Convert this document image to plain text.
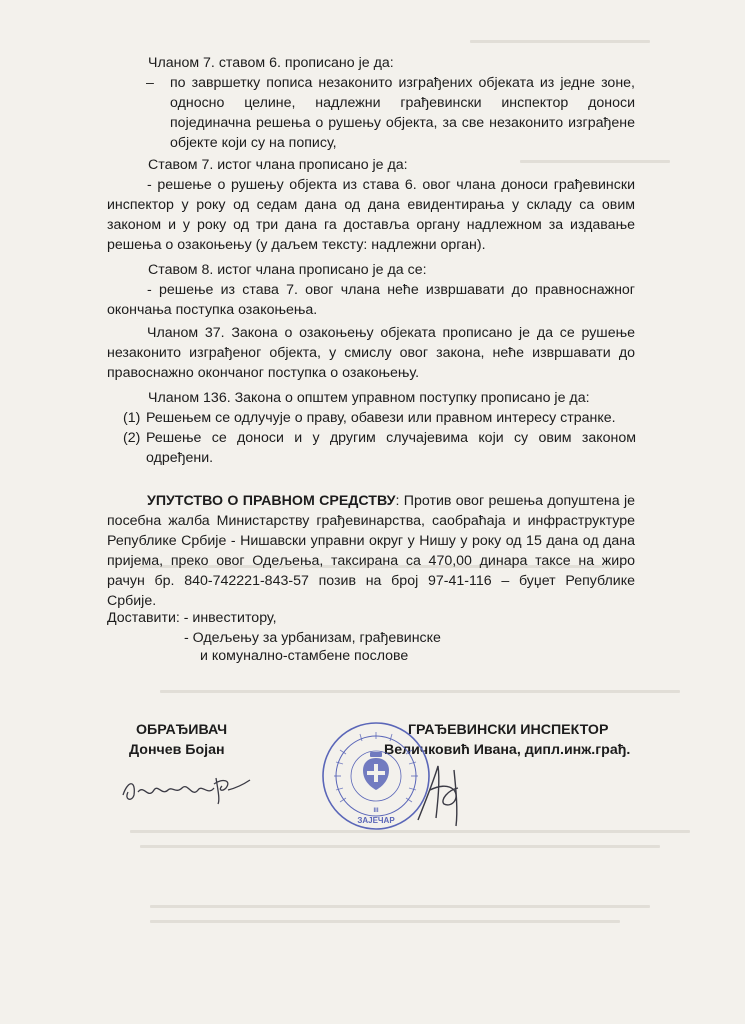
Чланом 7. ставом 6. прописано је да:
– по завршетку пописа незаконито изграђених објеката из једне зоне, односно целине, надлежни грађевински инспектор доноси појединачна решења о рушењу објекта, за све незаконито изграђене објекте који су на попису,
Ставом 7. истог члана прописано је да:
- решење о рушењу објекта из става 6. овог члана доноси грађевински инспектор у року од седам дана од дана евидентирања у складу са овим законом и у року од три дана га доставља органу надлежном за издавање решења о озакоњењу (у даљем тексту: надлежни орган).
Ставом 8. истог члана прописано је да се:
- решење из става 7. овог члана неће извршавати до правноснажног окончања поступка озакоњења.
Чланом 37. Закона о озакоњењу објеката прописано је да се рушење незаконито изграђеног објекта, у смислу овог закона, неће извршавати до правоснажно окончаног поступка о озакоњењу.
Чланом 136. Закона о општем управном поступку прописано је да:
(1) Решењем се одлучује о праву, обавези или правном интересу странке.
(2) Решење се доноси и у другим случајевима који су овим законом одређени.
УПУТСТВО О ПРАВНОМ СРЕДСТВУ: Против овог решења допуштена је посебна жалба Министарству грађевинарства, саобраћаја и инфраструктуре Републике Србије - Нишавски управни округ у Нишу у року од 15 дана од дана пријема, преко овог Одељења, таксирана са 470,00 динара таксе на жиро рачун бр. 840-742221-843-57 позив на број 97-41-116 – буџет Републике Србије.
Доставити: - инвеститору,
- Одељењу за урбанизам, грађевинске
и комунално-стамбене послове
ОБРАЂИВАЧ
Дончев Бојан
ГРАЂЕВИНСКИ ИНСПЕКТОР
Величковић Ивана, дипл.инж.грађ.
III
ЗАЈЕЧАР
